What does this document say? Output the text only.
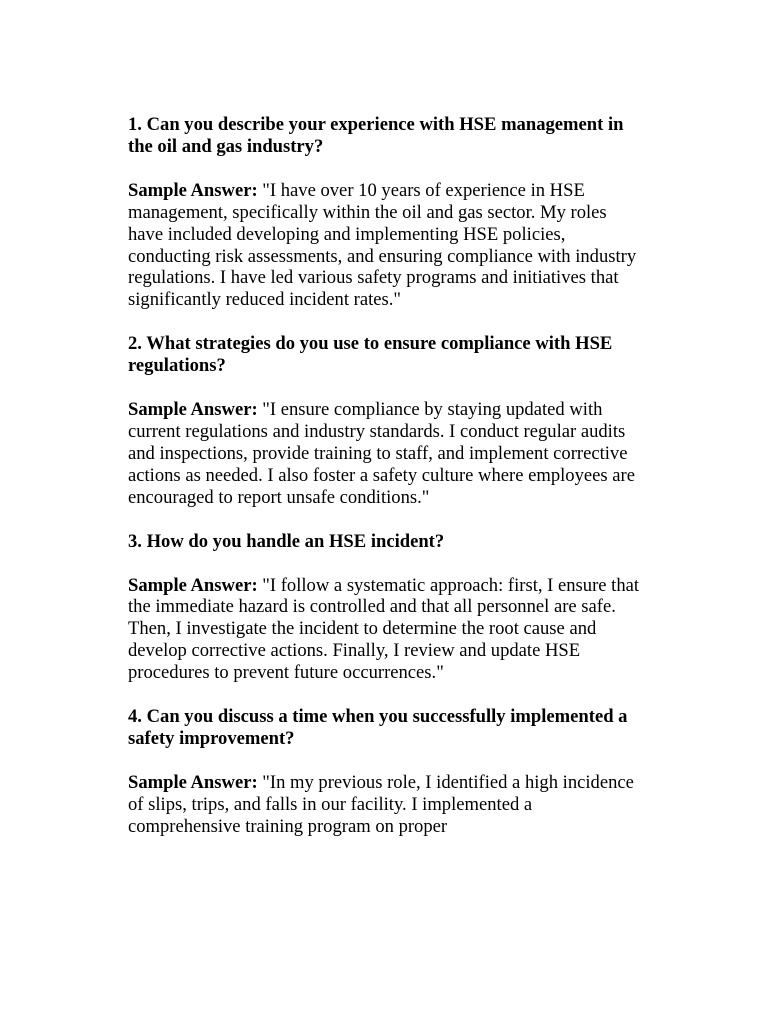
1. Can you describe your experience with HSE management in the oil and gas industry?

Sample Answer: "I have over 10 years of experience in HSE management, specifically within the oil and gas sector. My roles have included developing and implementing HSE policies, conducting risk assessments, and ensuring compliance with industry regulations. I have led various safety programs and initiatives that significantly reduced incident rates."

2. What strategies do you use to ensure compliance with HSE regulations?

Sample Answer: "I ensure compliance by staying updated with current regulations and industry standards. I conduct regular audits and inspections, provide training to staff, and implement corrective actions as needed. I also foster a safety culture where employees are encouraged to report unsafe conditions."

3. How do you handle an HSE incident?

Sample Answer: "I follow a systematic approach: first, I ensure that the immediate hazard is controlled and that all personnel are safe. Then, I investigate the incident to determine the root cause and develop corrective actions. Finally, I review and update HSE procedures to prevent future occurrences."

4. Can you discuss a time when you successfully implemented a safety improvement?

Sample Answer: "In my previous role, I identified a high incidence of slips, trips, and falls in our facility. I implemented a comprehensive training program on proper
